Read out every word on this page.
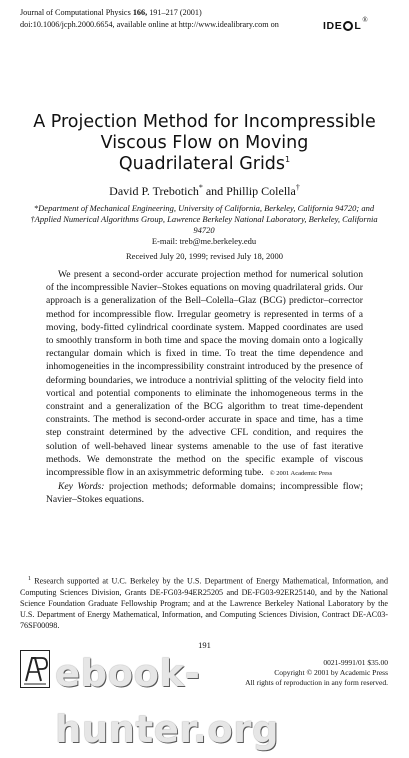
Journal of Computational Physics 166, 191–217 (2001)
doi:10.1006/jcph.2000.6654, available online at http://www.idealibrary.com on	IDE L ®
A Projection Method for Incompressible
Viscous Flow on Moving
Quadrilateral Grids$^1$
David P. Trebotich* and Phillip Colella†
*Department of Mechanical Engineering, University of California, Berkeley, California 94720; and
†Applied Numerical Algorithms Group, Lawrence Berkeley National Laboratory, Berkeley, California 94720
E-mail: treb@me.berkeley.edu
Received July 20, 1999; revised July 18, 2000

We present a second-order accurate projection method for numerical solution of the incompressible Navier–Stokes equations on moving quadrilateral grids. Our approach is a generalization of the Bell–Colella–Glaz (BCG) predictor–corrector method for incompressible flow. Irregular geometry is represented in terms of a moving, body-fitted cylindrical coordinate system. Mapped coordinates are used to smoothly transform in both time and space the moving domain onto a logically rectangular domain which is fixed in time. To treat the time dependence and inhomogeneities in the incompressibility constraint introduced by the presence of deforming boundaries, we introduce a nontrivial splitting of the velocity field into vortical and potential components to eliminate the inhomogeneous terms in the constraint and a generalization of the BCG algorithm to treat time-dependent constraints. The method is second-order accurate in space and time, has a time step constraint determined by the advective CFL condition, and requires the solution of well-behaved linear systems amenable to the use of fast iterative methods. We demonstrate the method on the specific example of viscous incompressible flow in an axisymmetric deforming tube. © 2001 Academic Press

Key Words: projection methods; deformable domains; incompressible flow; Navier–Stokes equations.

$^1$ Research supported at U.C. Berkeley by the U.S. Department of Energy Mathematical, Information, and Computing Sciences Division, Grants DE-FG03-94ER25205 and DE-FG03-92ER25140, and by the National Science Foundation Graduate Fellowship Program; and at the Lawrence Berkeley National Laboratory by the U.S. Department of Energy Mathematical, Information, and Computing Sciences Division, Contract DE-AC03-76SF00098.

191
0021-9991/01 $35.00
Copyright © 2001 by Academic Press
All rights of reproduction in any form reserved.
ebook-hunter.org
